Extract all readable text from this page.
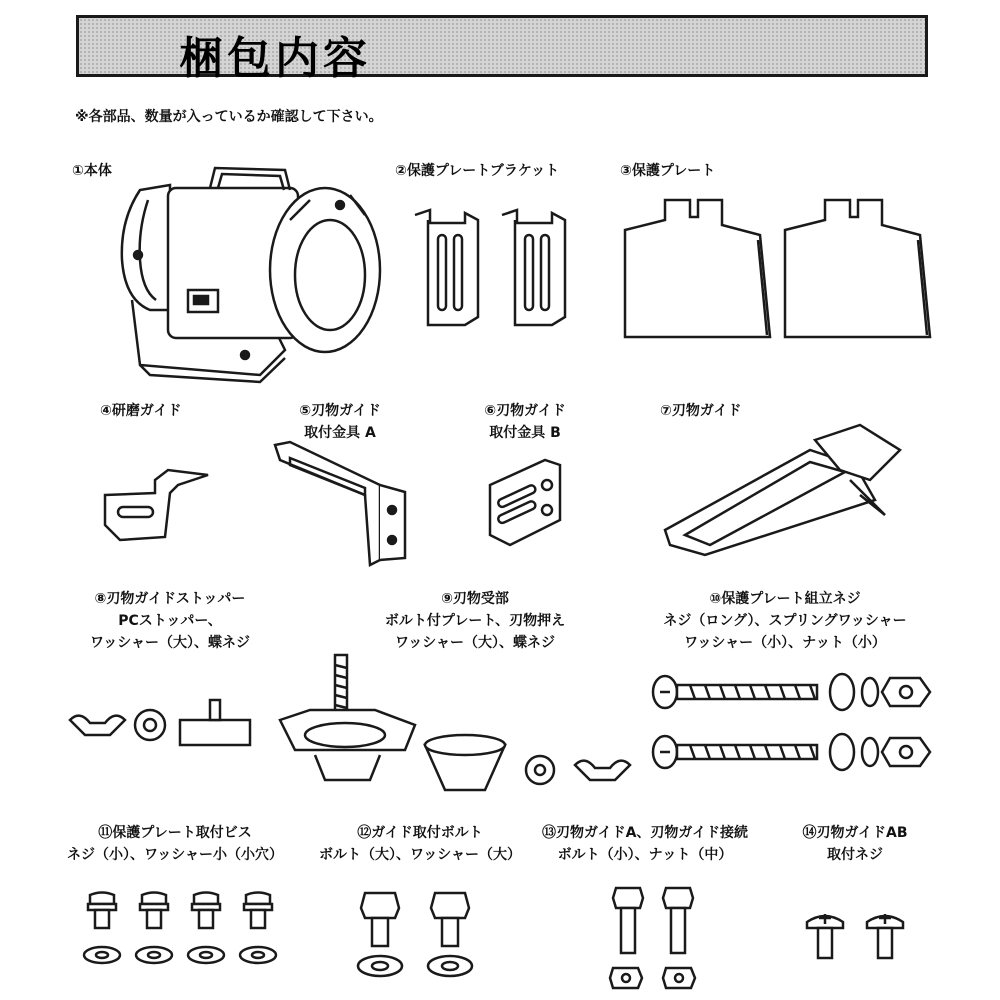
梱包内容
※各部品、数量が入っているか確認して下さい。
①本体	②保護プレートブラケット	③保護プレート
④研磨ガイド	⑤刃物ガイド
取付金具 A
⑥刃物ガイド
取付金具 B
⑦刃物ガイド
⑧刃物ガイドストッパー
PCストッパー、
ワッシャー（大）、蝶ネジ
⑨刃物受部
ボルト付プレート、刃物押え
ワッシャー（大）、蝶ネジ
⑩保護プレート組立ネジ
ネジ（ロング）、スプリングワッシャー
ワッシャー（小）、ナット（小）
⑪保護プレート取付ビス
ネジ（小）、ワッシャー小（小穴）
⑫ガイド取付ボルト
ボルト（大）、ワッシャー（大）
⑬刃物ガイドA、刃物ガイド接続
ボルト（小）、ナット（中）
⑭刃物ガイドAB
取付ネジ
